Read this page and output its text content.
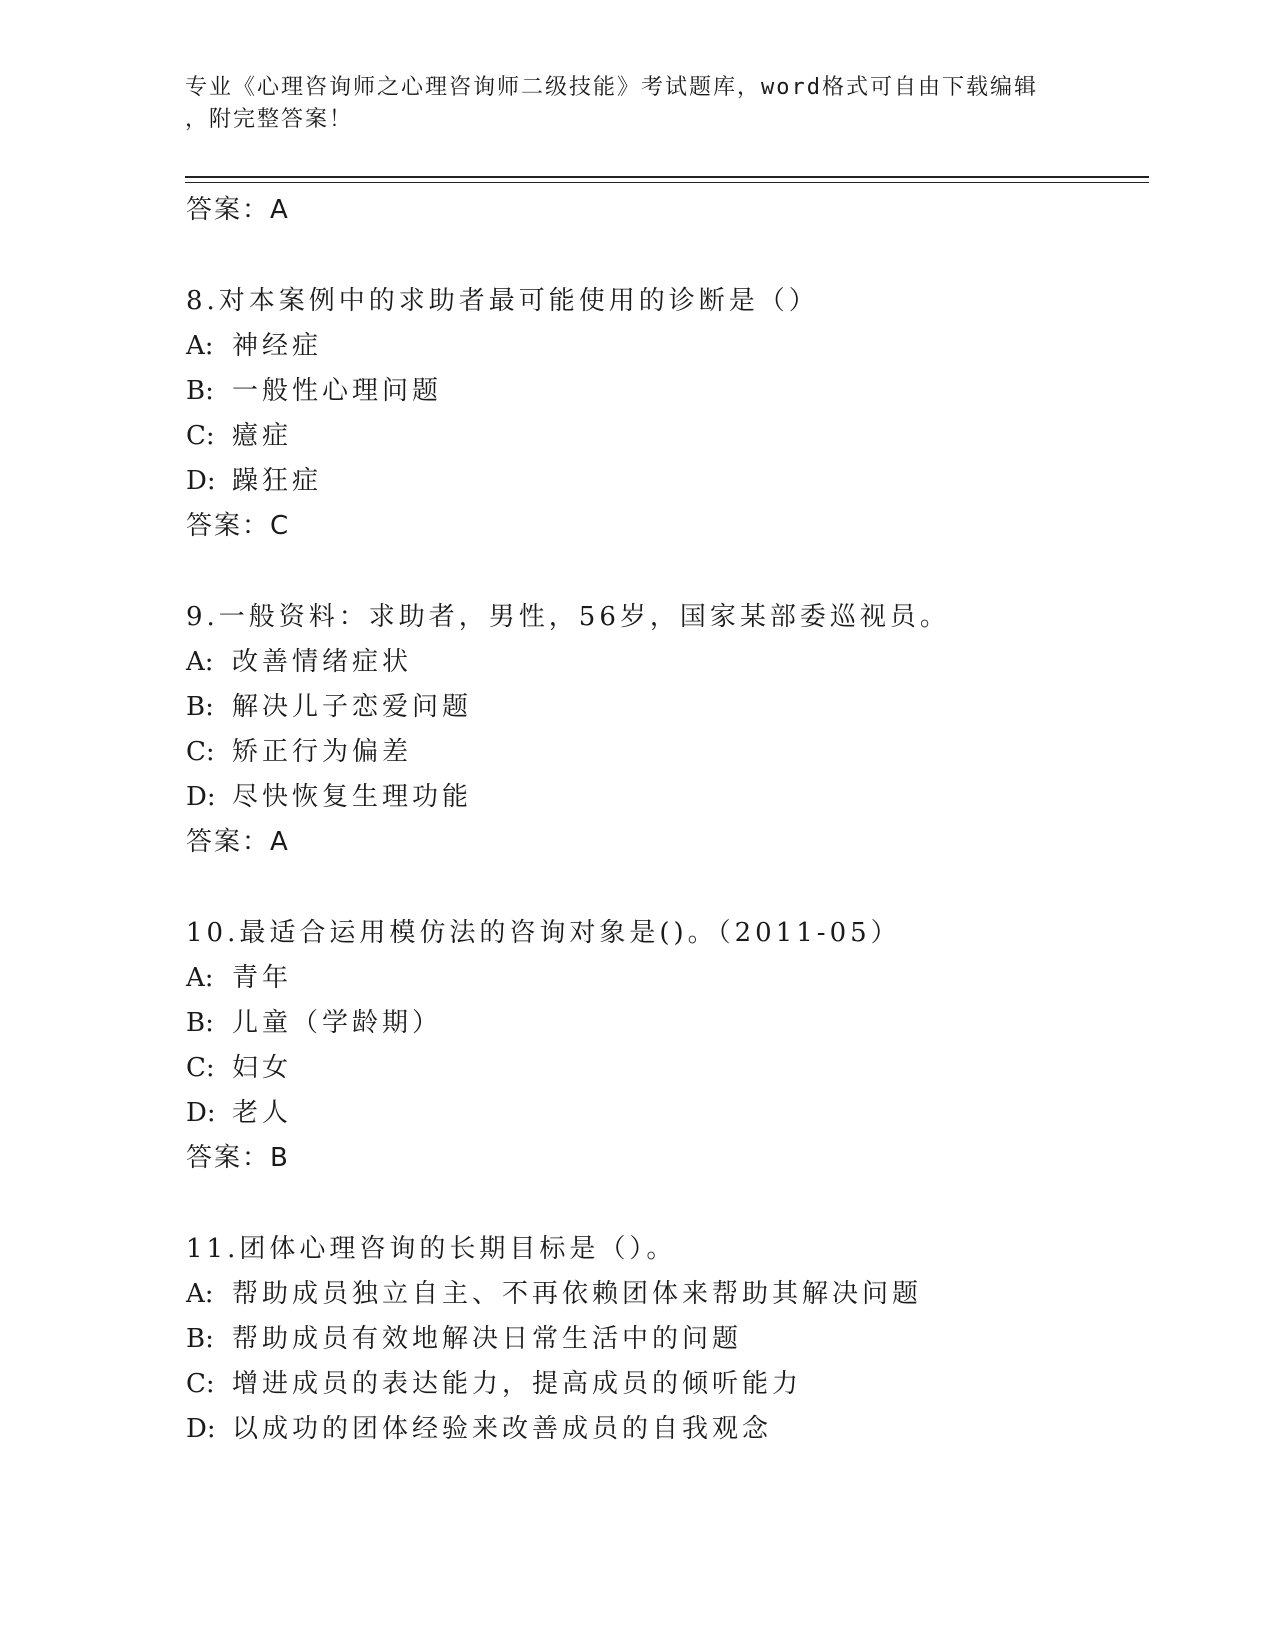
专业《心理咨询师之心理咨询师二级技能》考试题库，word格式可自由下载编辑
，附完整答案！
答案：A
8.对本案例中的求助者最可能使用的诊断是（）
A: 神经症
B: 一般性心理问题
C: 癔症
D: 躁狂症
答案：C
9.一般资料：求助者，男性，56岁，国家某部委巡视员。
A: 改善情绪症状
B: 解决儿子恋爱问题
C: 矫正行为偏差
D: 尽快恢复生理功能
答案：A
10.最适合运用模仿法的咨询对象是()。（2011-05）
A: 青年
B: 儿童（学龄期）
C: 妇女
D: 老人
答案：B
11.团体心理咨询的长期目标是（）。
A: 帮助成员独立自主、不再依赖团体来帮助其解决问题
B: 帮助成员有效地解决日常生活中的问题
C: 增进成员的表达能力，提高成员的倾听能力
D: 以成功的团体经验来改善成员的自我观念
